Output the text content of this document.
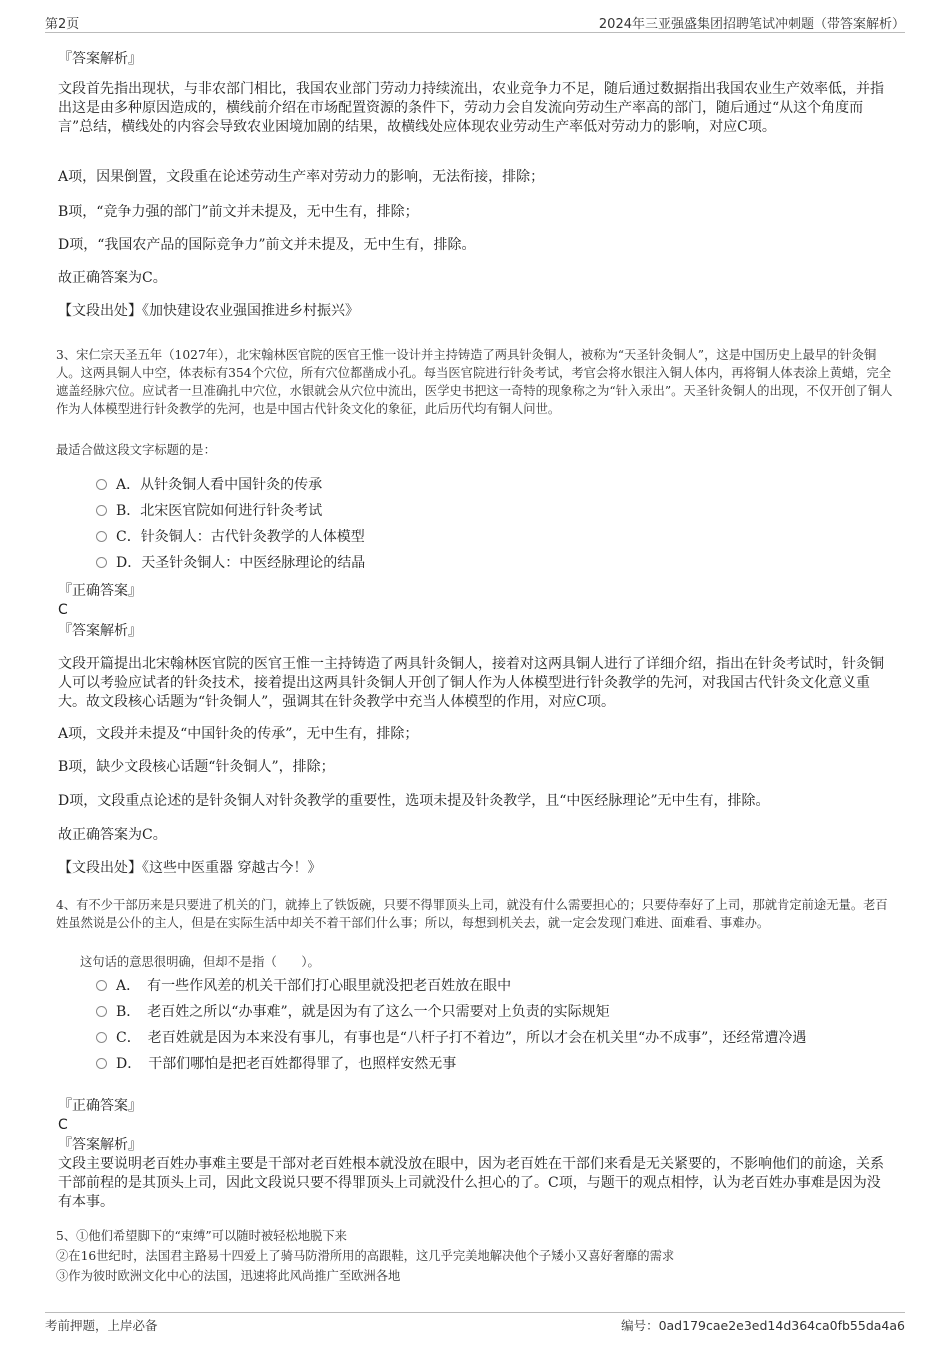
第2页	2024年三亚强盛集团招聘笔试冲刺题（带答案解析）
『答案解析』
文段首先指出现状，与非农部门相比，我国农业部门劳动力持续流出，农业竞争力不足，随后通过数据指出我国农业生产效率低，并指出这是由多种原因造成的，横线前介绍在市场配置资源的条件下，劳动力会自发流向劳动生产率高的部门，随后通过“从这个角度而言”总结，横线处的内容会导致农业困境加剧的结果，故横线处应体现农业劳动生产率低对劳动力的影响，对应C项。
A项，因果倒置，文段重在论述劳动生产率对劳动力的影响，无法衔接，排除；
B项，“竞争力强的部门”前文并未提及，无中生有，排除；
D项，“我国农产品的国际竞争力”前文并未提及，无中生有，排除。
故正确答案为C。
【文段出处】《加快建设农业强国推进乡村振兴》
3、宋仁宗天圣五年（1027年），北宋翰林医官院的医官王惟一设计并主持铸造了两具针灸铜人，被称为“天圣针灸铜人”，这是中国历史上最早的针灸铜人。这两具铜人中空，体表标有354个穴位，所有穴位都凿成小孔。每当医官院进行针灸考试，考官会将水银注入铜人体内，再将铜人体表涂上黄蜡，完全遮盖经脉穴位。应试者一旦准确扎中穴位，水银就会从穴位中流出，医学史书把这一奇特的现象称之为“针入汞出”。天圣针灸铜人的出现，不仅开创了铜人作为人体模型进行针灸教学的先河，也是中国古代针灸文化的象征，此后历代均有铜人问世。
最适合做这段文字标题的是：
A．从针灸铜人看中国针灸的传承
B．北宋医官院如何进行针灸考试
C．针灸铜人：古代针灸教学的人体模型
D．天圣针灸铜人：中医经脉理论的结晶
『正确答案』
C
『答案解析』
文段开篇提出北宋翰林医官院的医官王惟一主持铸造了两具针灸铜人，接着对这两具铜人进行了详细介绍，指出在针灸考试时，针灸铜人可以考验应试者的针灸技术，接着提出这两具针灸铜人开创了铜人作为人体模型进行针灸教学的先河，对我国古代针灸文化意义重大。故文段核心话题为“针灸铜人”，强调其在针灸教学中充当人体模型的作用，对应C项。
A项，文段并未提及“中国针灸的传承”，无中生有，排除；
B项，缺少文段核心话题“针灸铜人”，排除；
D项，文段重点论述的是针灸铜人对针灸教学的重要性，选项未提及针灸教学，且“中医经脉理论”无中生有，排除。
故正确答案为C。
【文段出处】《这些中医重器 穿越古今！》
4、有不少干部历来是只要进了机关的门，就捧上了铁饭碗，只要不得罪顶头上司，就没有什么需要担心的；只要侍奉好了上司，那就肯定前途无量。老百姓虽然说是公仆的主人，但是在实际生活中却关不着干部们什么事；所以，每想到机关去，就一定会发现门难进、面难看、事难办。
这句话的意思很明确，但却不是指（　　）。
A．　有一些作风差的机关干部们打心眼里就没把老百姓放在眼中
B．　老百姓之所以“办事难”，就是因为有了这么一个只需要对上负责的实际规矩
C．　老百姓就是因为本来没有事儿，有事也是“八杆子打不着边”，所以才会在机关里“办不成事”，还经常遭冷遇
D．　干部们哪怕是把老百姓都得罪了，也照样安然无事
『正确答案』
C
『答案解析』
文段主要说明老百姓办事难主要是干部对老百姓根本就没放在眼中，因为老百姓在干部们来看是无关紧要的，不影响他们的前途，关系干部前程的是其顶头上司，因此文段说只要不得罪顶头上司就没什么担心的了。C项，与题干的观点相悖，认为老百姓办事难是因为没有本事。
5、①他们希望脚下的“束缚”可以随时被轻松地脱下来
②在16世纪时，法国君主路易十四爱上了骑马防滑所用的高跟鞋，这几乎完美地解决他个子矮小又喜好奢靡的需求
③作为彼时欧洲文化中心的法国，迅速将此风尚推广至欧洲各地
考前押题，上岸必备	编号：0ad179cae2e3ed14d364ca0fb55da4a6
